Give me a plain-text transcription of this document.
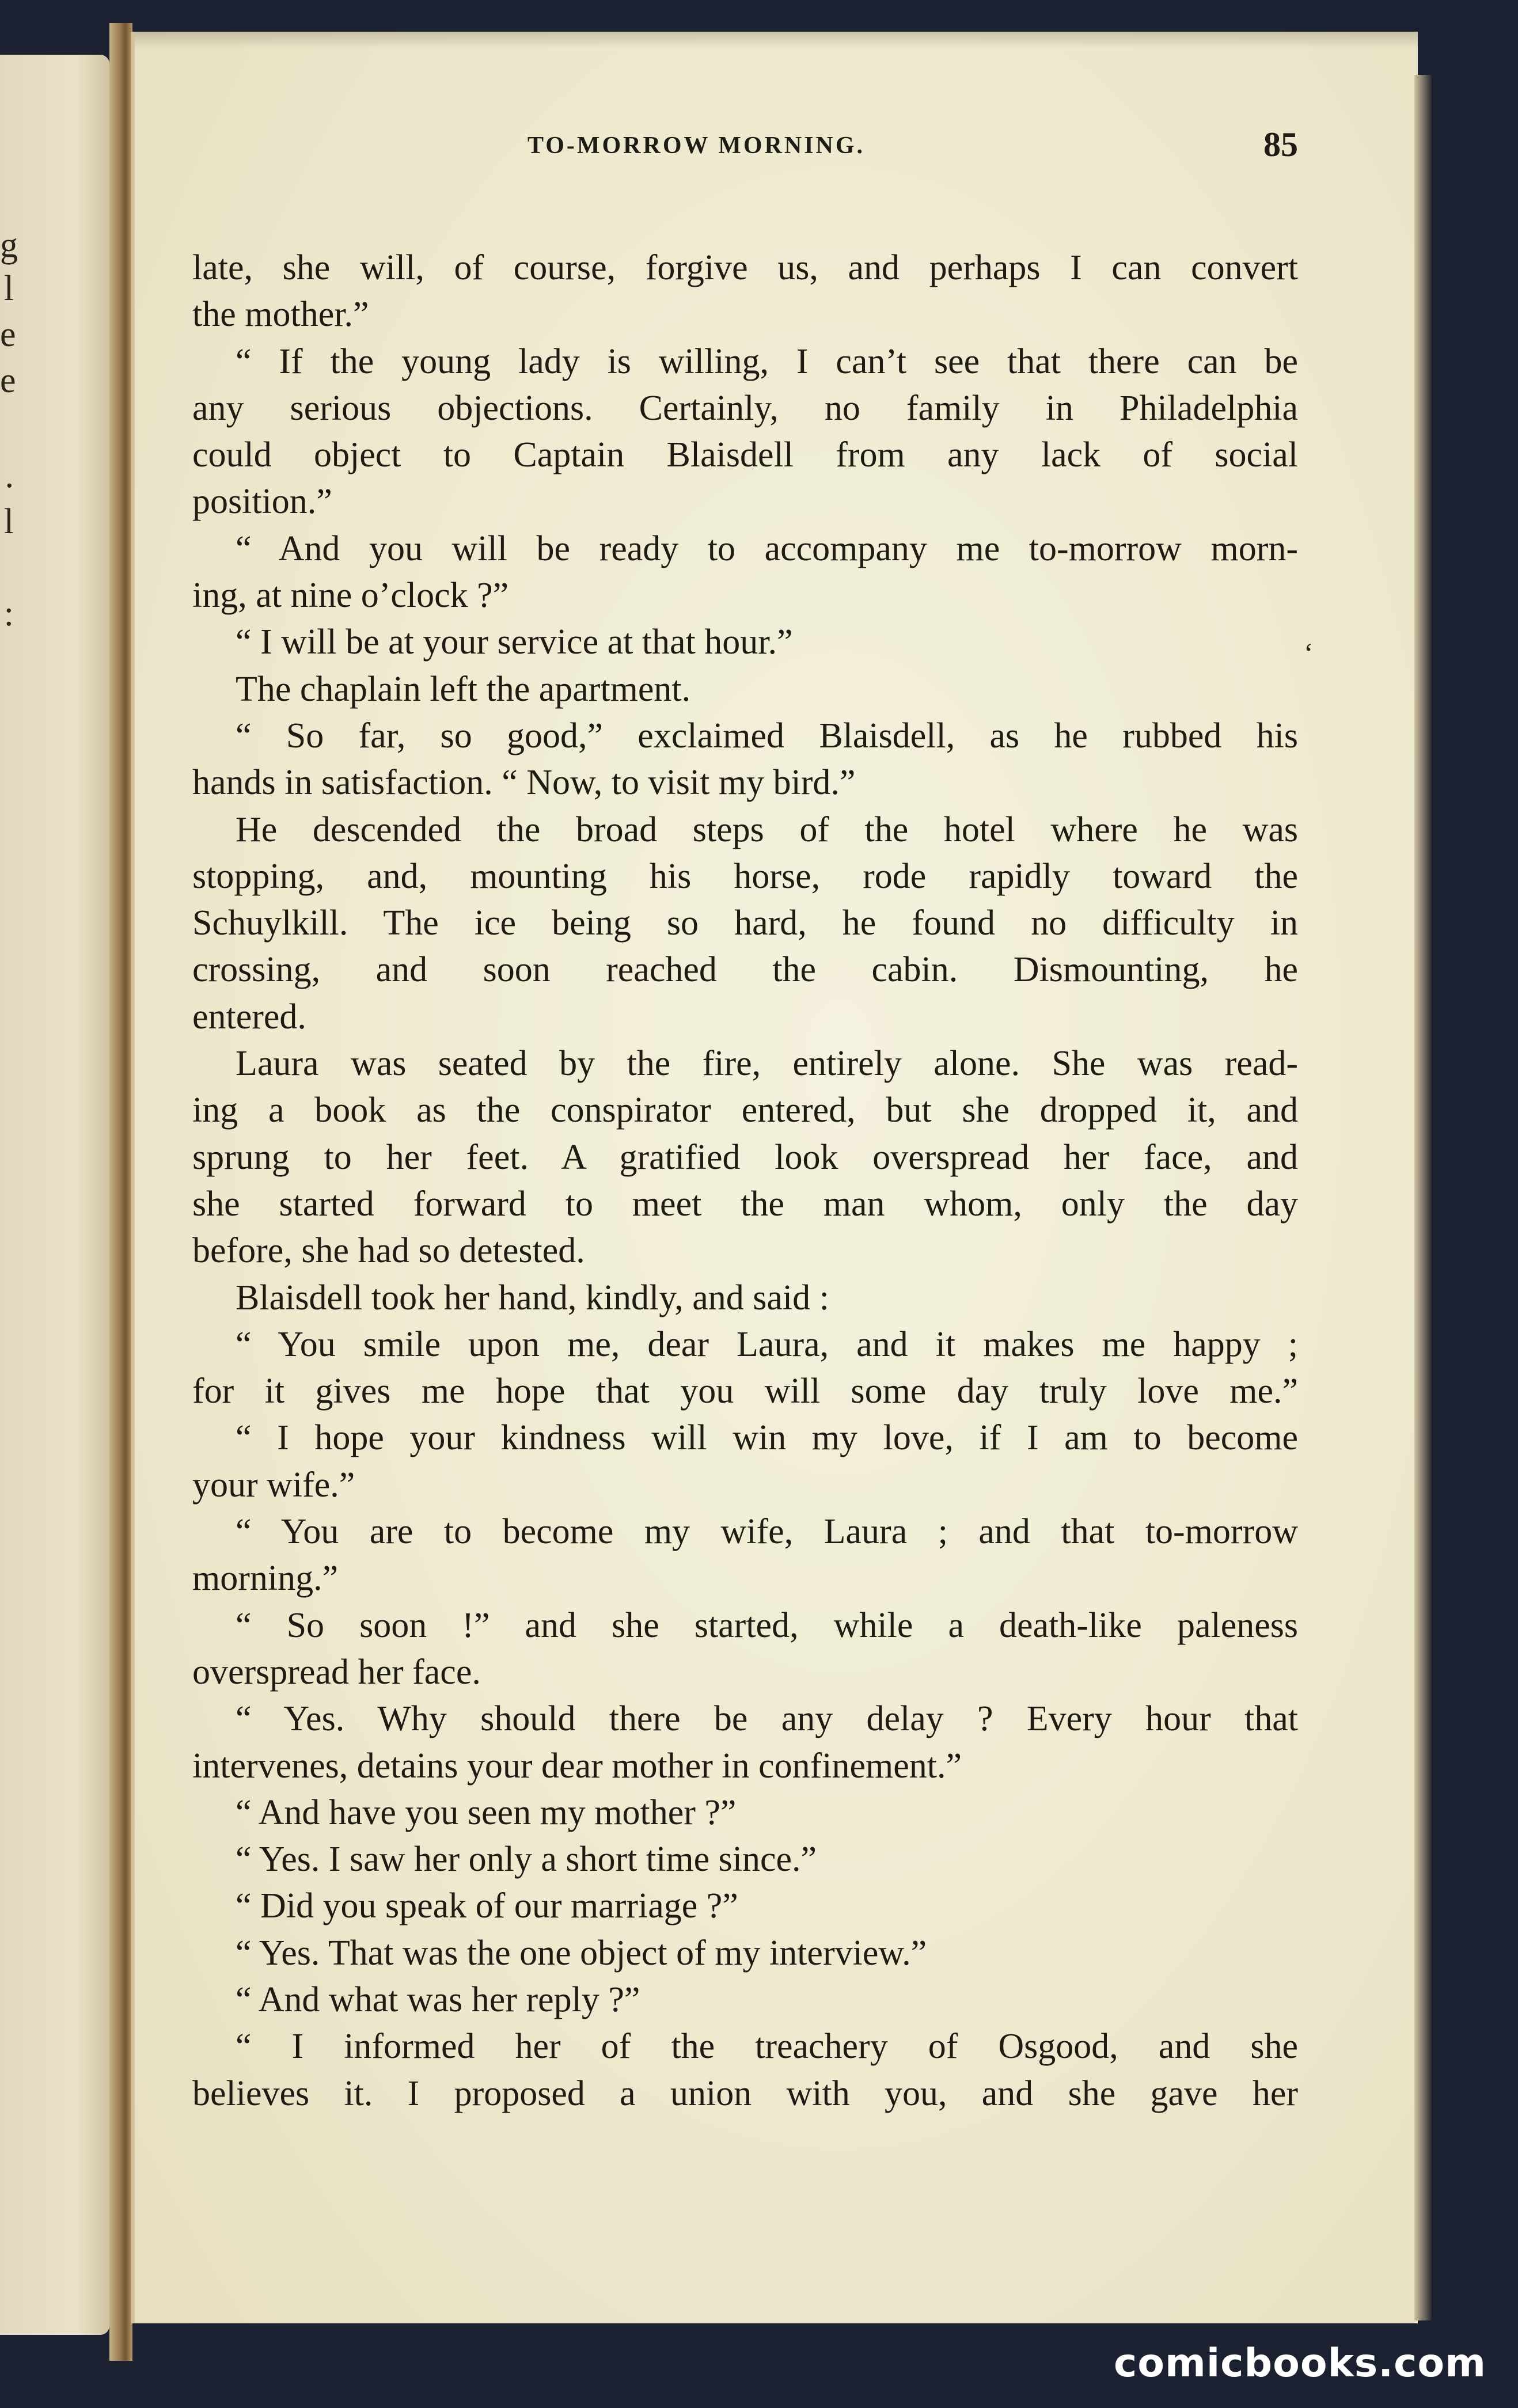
g
l
e
e
.
l
:
TO-MORROW MORNING.	85
late, she will, of course, forgive us, and perhaps I can convert
the mother.”
“ If the young lady is willing, I can’t see that there can be
any serious objections. Certainly, no family in Philadelphia
could object to Captain Blaisdell from any lack of social
position.”
“ And you will be ready to accompany me to-morrow morn-
ing, at nine o’clock ?”
“ I will be at your service at that hour.”
The chaplain left the apartment.
“ So far, so good,” exclaimed Blaisdell, as he rubbed his
hands in satisfaction. “ Now, to visit my bird.”
He descended the broad steps of the hotel where he was
stopping, and, mounting his horse, rode rapidly toward the
Schuylkill. The ice being so hard, he found no difficulty in
crossing, and soon reached the cabin. Dismounting, he
entered.
Laura was seated by the fire, entirely alone. She was read-
ing a book as the conspirator entered, but she dropped it, and
sprung to her feet. A gratified look overspread her face, and
she started forward to meet the man whom, only the day
before, she had so detested.
Blaisdell took her hand, kindly, and said :
“ You smile upon me, dear Laura, and it makes me happy ;
for it gives me hope that you will some day truly love me.”
“ I hope your kindness will win my love, if I am to become
your wife.”
“ You are to become my wife, Laura ; and that to-morrow
morning.”
“ So soon !” and she started, while a death-like paleness
overspread her face.
“ Yes. Why should there be any delay ? Every hour that
intervenes, detains your dear mother in confinement.”
“ And have you seen my mother ?”
“ Yes. I saw her only a short time since.”
“ Did you speak of our marriage ?”
“ Yes. That was the one object of my interview.”
“ And what was her reply ?”
“ I informed her of the treachery of Osgood, and she
believes it. I proposed a union with you, and she gave her
‘
comicbooks.com
